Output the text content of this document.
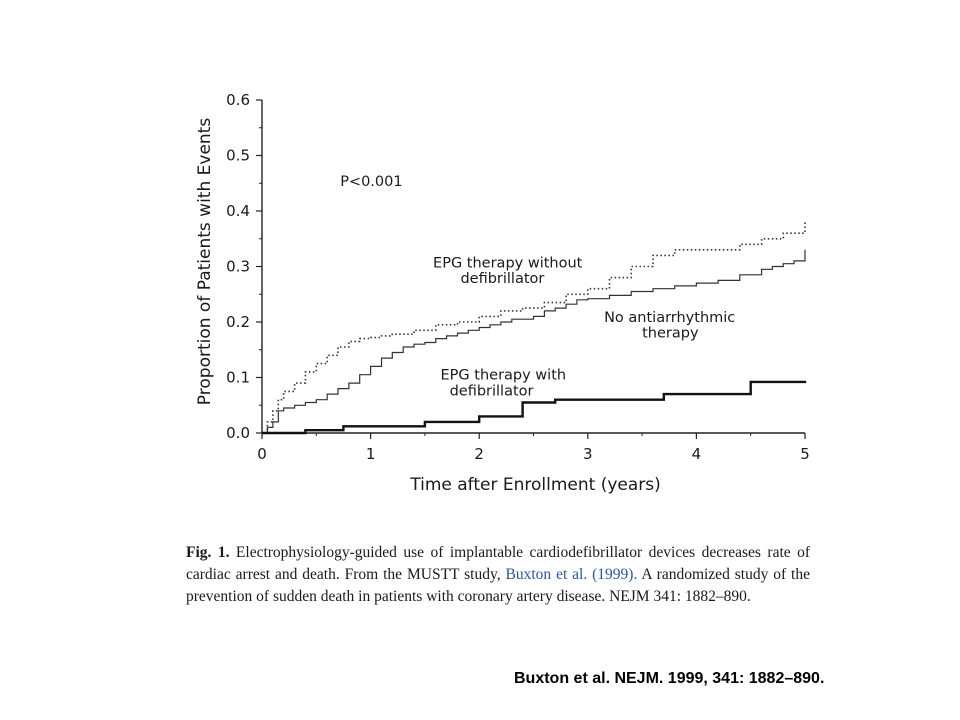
0.0
0.1
0.2
0.3
0.4
0.5
0.6
0	1	2	3	4	5
P<0.001
EPG therapy without
defibrillator
No antiarrhythmic
therapy
EPG therapy with
defibrillator
Time after Enrollment (years)
Proportion of Patients with Events
Fig. 1. Electrophysiology-guided use of implantable cardiodefibrillator devices decreases rate of cardiac arrest and death. From the MUSTT study, Buxton et al. (1999). A randomized study of the prevention of sudden death in patients with coronary artery disease. NEJM 341: 1882–890.
Buxton et al. NEJM. 1999, 341: 1882–890.
